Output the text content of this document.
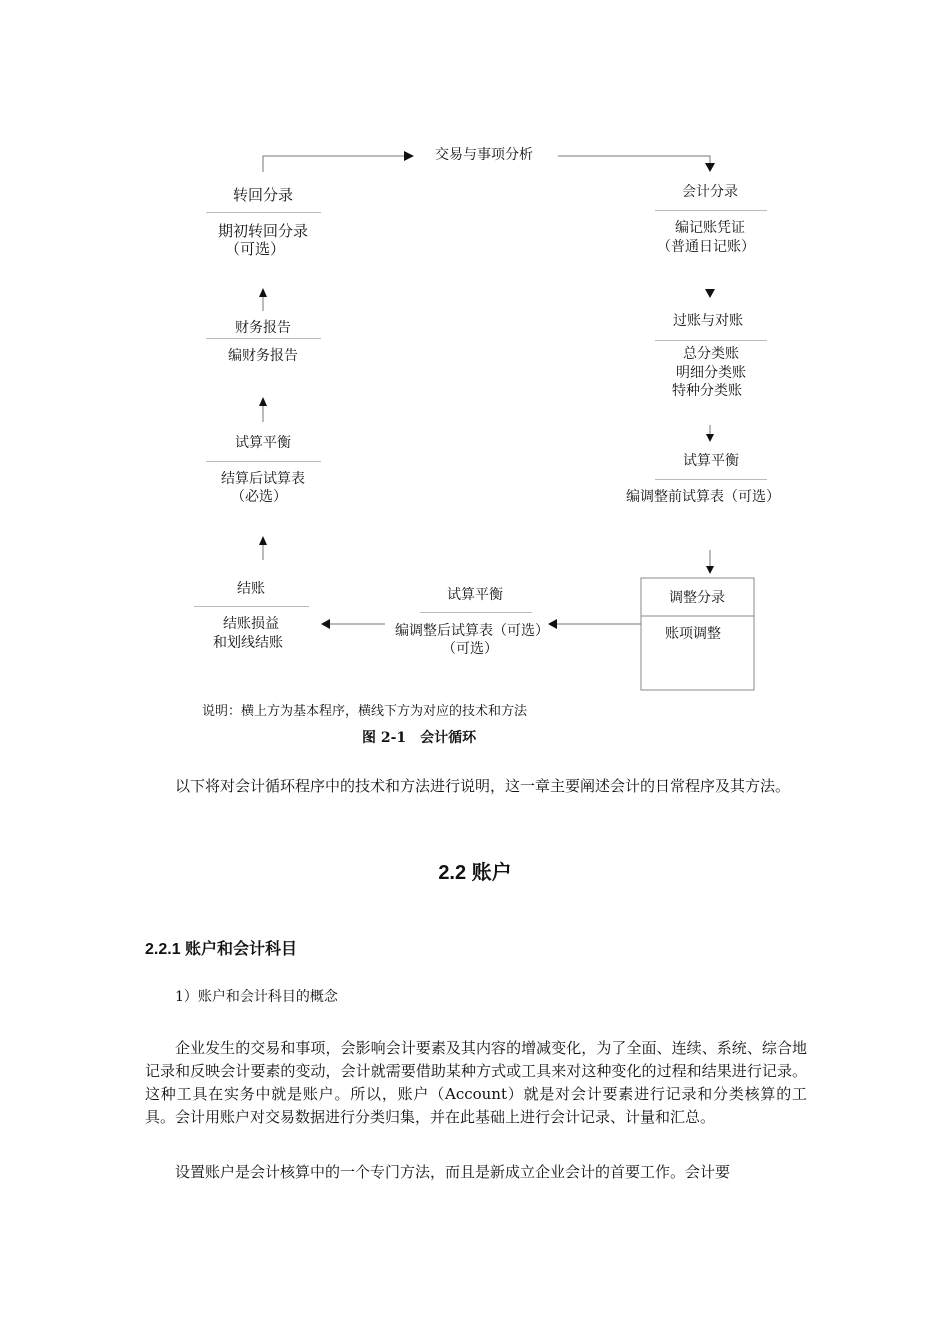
交易与事项分析
会计分录
编记账凭证
（普通日记账）
过账与对账
总分类账
明细分类账
特种分类账
试算平衡
编调整前试算表（可选）
调整分录
账项调整
试算平衡
编调整后试算表（可选）
（可选）
结账
结账损益
和划线结账
试算平衡
结算后试算表
（必选）
财务报告
编财务报告
转回分录
期初转回分录
（可选）
说明：横上方为基本程序，横线下方为对应的技术和方法
图 2-1　会计循环
以下将对会计循环程序中的技术和方法进行说明，这一章主要阐述会计的日常程序及其方法。
2.2 账户
2.2.1 账户和会计科目
1）账户和会计科目的概念
企业发生的交易和事项，会影响会计要素及其内容的增减变化，为了全面、连续、系统、综合地记录和反映会计要素的变动，会计就需要借助某种方式或工具来对这种变化的过程和结果进行记录。这种工具在实务中就是账户。所以，账户（Account）就是对会计要素进行记录和分类核算的工具。会计用账户对交易数据进行分类归集，并在此基础上进行会计记录、计量和汇总。
设置账户是会计核算中的一个专门方法，而且是新成立企业会计的首要工作。会计要
